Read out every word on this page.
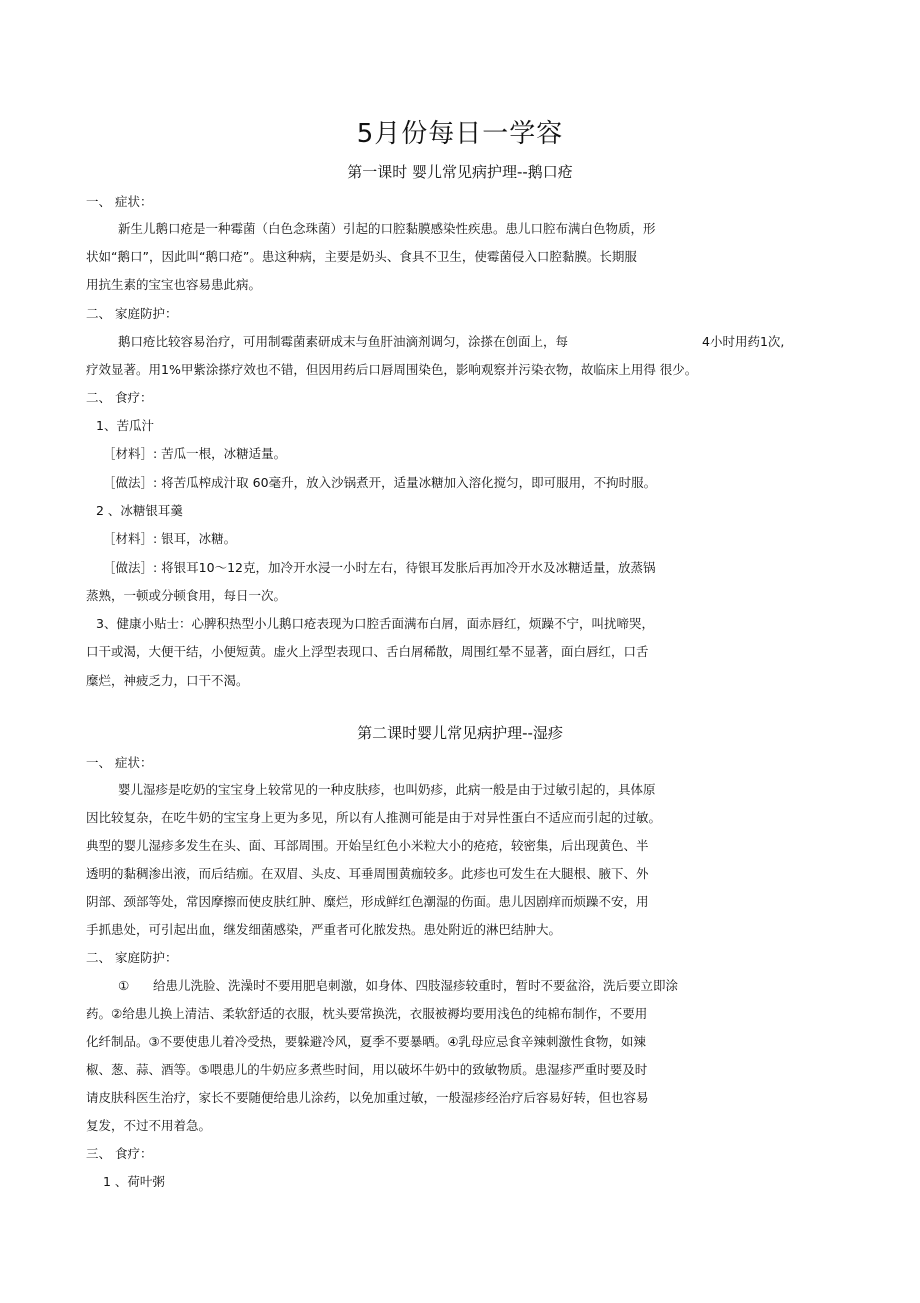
5月份每日一学容
第一课时 婴儿常见病护理--鹅口疮
一、 症状：
新生儿鹅口疮是一种霉菌（白色念珠菌）引起的口腔黏膜感染性疾患。患儿口腔布满白色物质，形
状如“鹅口”，因此叫“鹅口疮”。患这种病，主要是奶头、食具不卫生，使霉菌侵入口腔黏膜。长期服
用抗生素的宝宝也容易患此病。
二、 家庭防护：
鹅口疮比较容易治疗，可用制霉菌素研成末与鱼肝油滴剂调匀，涂搽在创面上，每	4小时用药1次,
疗效显著。用1%甲紫涂搽疗效也不错，但因用药后口唇周围染色，影响观察并污染衣物，故临床上用得 很少。
二、 食疗：
1、苦瓜汁
［材料］: 苦瓜一根，冰糖适量。
［做法］: 将苦瓜榨成汁取 60毫升，放入沙锅煮开，适量冰糖加入溶化搅匀，即可服用，不拘时服。
2 、冰糖银耳羹
［材料］: 银耳，冰糖。
［做法］: 将银耳10～12克，加冷开水浸一小时左右，待银耳发胀后再加冷开水及冰糖适量，放蒸锅
蒸熟，一顿或分顿食用，每日一次。
3、健康小贴士：心脾积热型小儿鹅口疮表现为口腔舌面满布白屑，面赤唇红，烦躁不宁，叫扰啼哭，
口干或渴，大便干结，小便短黄。虚火上浮型表现口、舌白屑稀散，周围红晕不显著，面白唇红，口舌
糜烂，神疲乏力，口干不渴。
第二课时婴儿常见病护理--湿疹
一、 症状：
婴儿湿疹是吃奶的宝宝身上较常见的一种皮肤疹，也叫奶疹，此病一般是由于过敏引起的，具体原
因比较复杂，在吃牛奶的宝宝身上更为多见，所以有人推测可能是由于对异性蛋白不适应而引起的过敏。
典型的婴儿湿疹多发生在头、面、耳部周围。开始呈红色小米粒大小的疮疮，较密集，后出现黄色、半
透明的黏稠渗出液，而后结痂。在双眉、头皮、耳垂周围黄痂较多。此疹也可发生在大腿根、腋下、外
阴部、颈部等处，常因摩擦而使皮肤红肿、糜烂，形成鲜红色潮湿的伤面。患儿因剧痒而烦躁不安，用
手抓患处，可引起出血，继发细菌感染，严重者可化脓发热。患处附近的淋巴结肿大。
二、 家庭防护：
①      给患儿洗脸、洗澡时不要用肥皂刺激，如身体、四肢湿疹较重时，暂时不要盆浴，洗后要立即涂
药。②给患儿换上清洁、柔软舒适的衣服，枕头要常换洗，衣服被褥均要用浅色的纯棉布制作，不要用
化纤制品。③不要使患儿着冷受热，要躲避冷风，夏季不要暴晒。④乳母应忌食辛辣刺激性食物，如辣
椒、葱、蒜、酒等。⑤喂患儿的牛奶应多煮些时间，用以破坏牛奶中的致敏物质。患湿疹严重时要及时
请皮肤科医生治疗，家长不要随便给患儿涂药，以免加重过敏，一般湿疹经治疗后容易好转，但也容易
复发，不过不用着急。
三、 食疗：
1 、荷叶粥
